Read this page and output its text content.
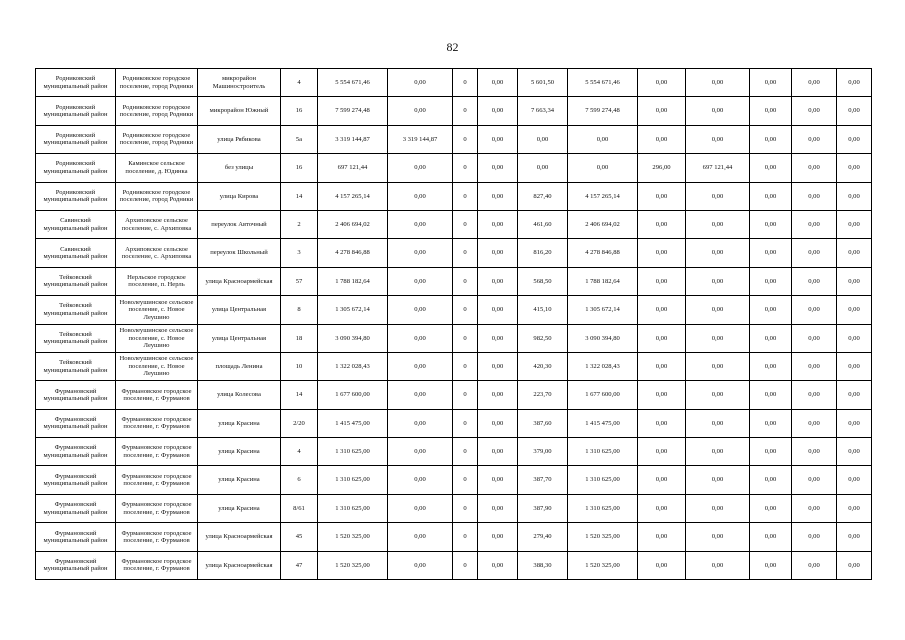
82
Родниковский муниципальный район	Родниковское городское поселение, город Родники	микрорайон Машиностроитель	4	5 554 671,46	0,00	0	0,00	5 601,50	5 554 671,46	0,00	0,00	0,00	0,00	0,00
Родниковский муниципальный район	Родниковское городское поселение, город Родники	микрорайон Южный	16	7 599 274,48	0,00	0	0,00	7 663,34	7 599 274,48	0,00	0,00	0,00	0,00	0,00
Родниковский муниципальный район	Родниковское городское поселение, город Родники	улица Рябикова	5а	3 319 144,87	3 319 144,87	0	0,00	0,00	0,00	0,00	0,00	0,00	0,00	0,00
Родниковский муниципальный район	Каминское сельское поселение, д. Юдинка	без улицы	16	697 121,44	0,00	0	0,00	0,00	0,00	296,00	697 121,44	0,00	0,00	0,00
Родниковский муниципальный район	Родниковское городское поселение, город Родники	улица Кирова	14	4 157 265,14	0,00	0	0,00	827,40	4 157 265,14	0,00	0,00	0,00	0,00	0,00
Савинский муниципальный район	Архиповское сельское поселение, с. Архиповка	переулок Авточный	2	2 406 694,02	0,00	0	0,00	461,60	2 406 694,02	0,00	0,00	0,00	0,00	0,00
Савинский муниципальный район	Архиповское сельское поселение, с. Архиповка	переулок Школьный	3	4 278 846,88	0,00	0	0,00	816,20	4 278 846,88	0,00	0,00	0,00	0,00	0,00
Тейковский муниципальный район	Нерльское городское поселение, п. Нерль	улица Красноармейская	57	1 788 182,64	0,00	0	0,00	568,50	1 788 182,64	0,00	0,00	0,00	0,00	0,00
Тейковский муниципальный район	Новолеушинское сельское поселение, с. Новое Леушино	улица Центральная	8	1 305 672,14	0,00	0	0,00	415,10	1 305 672,14	0,00	0,00	0,00	0,00	0,00
Тейковский муниципальный район	Новолеушинское сельское поселение, с. Новое Леушино	улица Центральная	18	3 090 394,80	0,00	0	0,00	982,50	3 090 394,80	0,00	0,00	0,00	0,00	0,00
Тейковский муниципальный район	Новолеушинское сельское поселение, с. Новое Леушино	площадь Ленина	10	1 322 028,43	0,00	0	0,00	420,30	1 322 028,43	0,00	0,00	0,00	0,00	0,00
Фурмановский муниципальный район	Фурмановское городское поселение, г. Фурманов	улица Колесова	14	1 677 600,00	0,00	0	0,00	223,70	1 677 600,00	0,00	0,00	0,00	0,00	0,00
Фурмановский муниципальный район	Фурмановское городское поселение, г. Фурманов	улица Красина	2/20	1 415 475,00	0,00	0	0,00	387,60	1 415 475,00	0,00	0,00	0,00	0,00	0,00
Фурмановский муниципальный район	Фурмановское городское поселение, г. Фурманов	улица Красина	4	1 310 625,00	0,00	0	0,00	379,00	1 310 625,00	0,00	0,00	0,00	0,00	0,00
Фурмановский муниципальный район	Фурмановское городское поселение, г. Фурманов	улица Красина	6	1 310 625,00	0,00	0	0,00	387,70	1 310 625,00	0,00	0,00	0,00	0,00	0,00
Фурмановский муниципальный район	Фурмановское городское поселение, г. Фурманов	улица Красина	8/61	1 310 625,00	0,00	0	0,00	387,90	1 310 625,00	0,00	0,00	0,00	0,00	0,00
Фурмановский муниципальный район	Фурмановское городское поселение, г. Фурманов	улица Красноармейская	45	1 520 325,00	0,00	0	0,00	279,40	1 520 325,00	0,00	0,00	0,00	0,00	0,00
Фурмановский муниципальный район	Фурмановское городское поселение, г. Фурманов	улица Красноармейская	47	1 520 325,00	0,00	0	0,00	388,30	1 520 325,00	0,00	0,00	0,00	0,00	0,00
